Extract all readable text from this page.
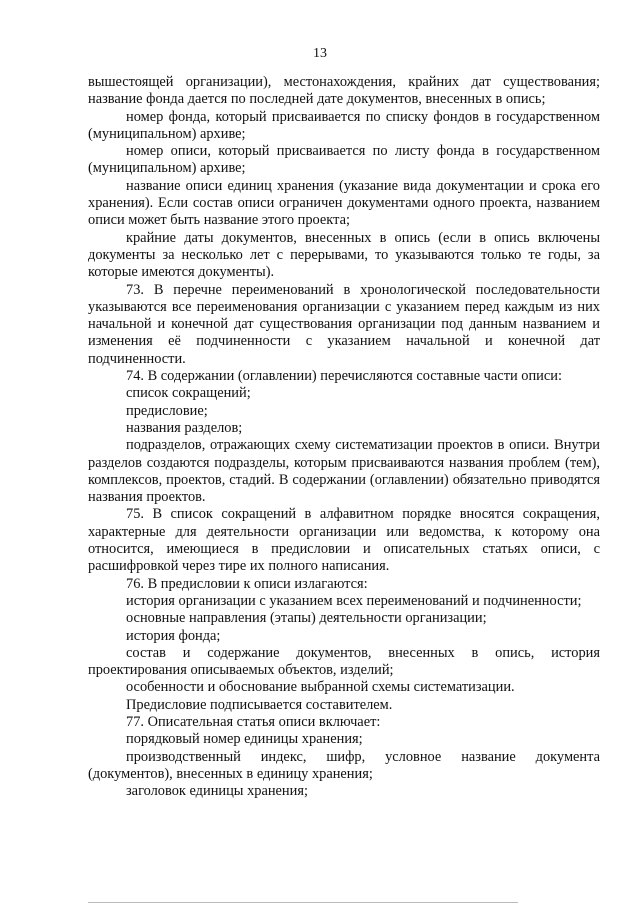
13

вышестоящей организации), местонахождения, крайних дат существования; название фонда дается по последней дате документов, внесенных в опись;

номер фонда, который присваивается по списку фондов в государственном (муниципальном) архиве;

номер описи, который присваивается по листу фонда в государственном (муниципальном) архиве;

название описи единиц хранения (указание вида документации и срока его хранения). Если состав описи ограничен документами одного проекта, названием описи может быть название этого проекта;

крайние даты документов, внесенных в опись (если в опись включены документы за несколько лет с перерывами, то указываются только те годы, за которые имеются документы).

73. В перечне переименований в хронологической последовательности указываются все переименования организации с указанием перед каждым из них начальной и конечной дат существования организации под данным названием и изменения её подчиненности с указанием начальной и конечной дат подчиненности.

74. В содержании (оглавлении) перечисляются составные части описи:

список сокращений;

предисловие;

названия разделов;

подразделов, отражающих схему систематизации проектов в описи. Внутри разделов создаются подразделы, которым присваиваются названия проблем (тем), комплексов, проектов, стадий. В содержании (оглавлении) обязательно приводятся названия проектов.

75. В список сокращений в алфавитном порядке вносятся сокращения, характерные для деятельности организации или ведомства, к которому она относится, имеющиеся в предисловии и описательных статьях описи, с расшифровкой через тире их полного написания.

76. В предисловии к описи излагаются:

история организации с указанием всех переименований и подчиненности;

основные направления (этапы) деятельности организации;

история фонда;

состав и содержание документов, внесенных в опись, история проектирования описываемых объектов, изделий;

особенности и обоснование выбранной схемы систематизации.

Предисловие подписывается составителем.

77. Описательная статья описи включает:

порядковый номер единицы хранения;

производственный индекс, шифр, условное название документа (документов), внесенных в единицу хранения;

заголовок единицы хранения;
